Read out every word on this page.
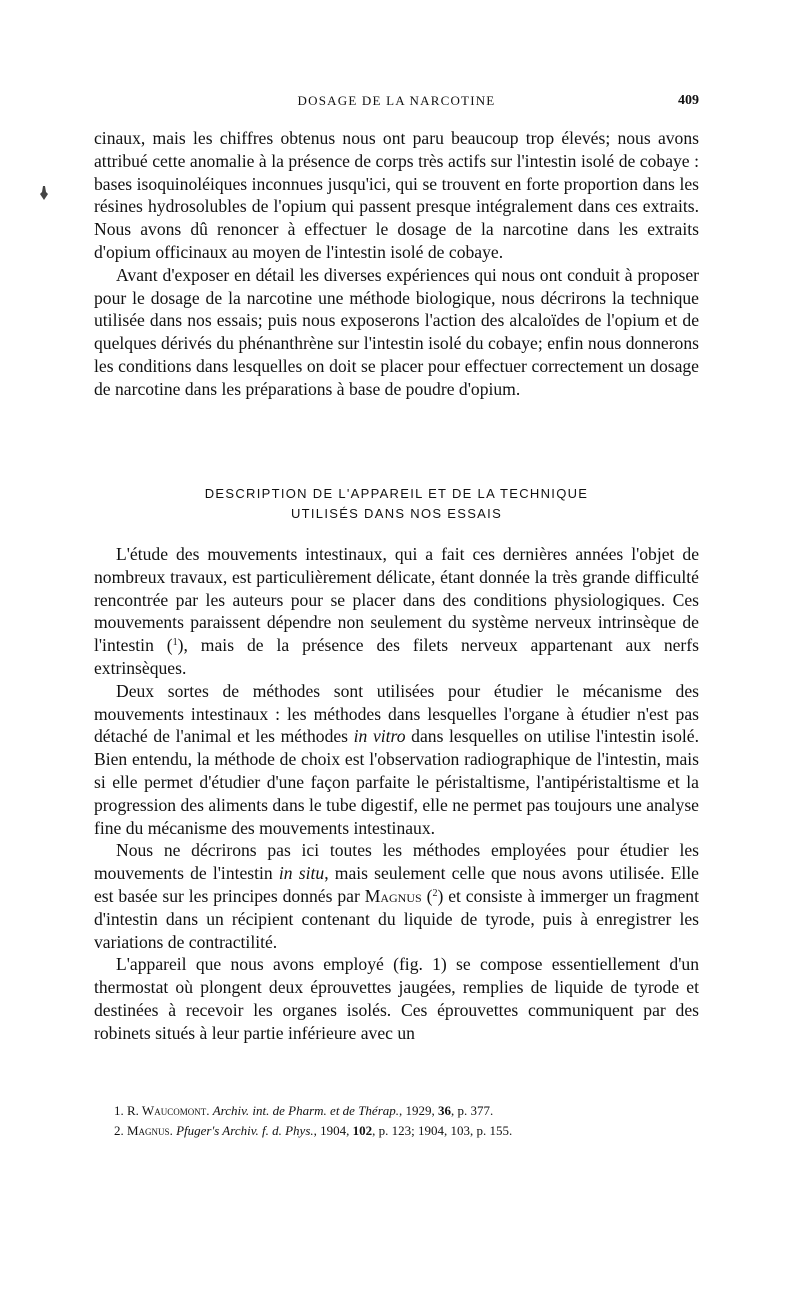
DOSAGE DE LA NARCOTINE	409

cinaux, mais les chiffres obtenus nous ont paru beaucoup trop élevés; nous avons attribué cette anomalie à la présence de corps très actifs sur l'intestin isolé de cobaye : bases isoquinoléiques inconnues jusqu'ici, qui se trouvent en forte proportion dans les résines hydrosolubles de l'opium qui passent presque intégralement dans ces extraits. Nous avons dû renoncer à effectuer le dosage de la narcotine dans les extraits d'opium officinaux au moyen de l'intestin isolé de cobaye.

Avant d'exposer en détail les diverses expériences qui nous ont conduit à proposer pour le dosage de la narcotine une méthode biologique, nous décrirons la technique utilisée dans nos essais; puis nous exposerons l'action des alcaloïdes de l'opium et de quelques dérivés du phénanthrène sur l'intestin isolé du cobaye; enfin nous donnerons les conditions dans lesquelles on doit se placer pour effectuer correctement un dosage de narcotine dans les préparations à base de poudre d'opium.

DESCRIPTION DE L'APPAREIL ET DE LA TECHNIQUE
UTILISÉS DANS NOS ESSAIS

L'étude des mouvements intestinaux, qui a fait ces dernières années l'objet de nombreux travaux, est particulièrement délicate, étant donnée la très grande difficulté rencontrée par les auteurs pour se placer dans des conditions physiologiques. Ces mouvements paraissent dépendre non seulement du système nerveux intrinsèque de l'intestin ($^1$), mais de la présence des filets nerveux appartenant aux nerfs extrinsèques.

Deux sortes de méthodes sont utilisées pour étudier le mécanisme des mouvements intestinaux : les méthodes dans lesquelles l'organe à étudier n'est pas détaché de l'animal et les méthodes in vitro dans lesquelles on utilise l'intestin isolé. Bien entendu, la méthode de choix est l'observation radiographique de l'intestin, mais si elle permet d'étudier d'une façon parfaite le péristaltisme, l'antipéristaltisme et la progression des aliments dans le tube digestif, elle ne permet pas toujours une analyse fine du mécanisme des mouvements intestinaux.

Nous ne décrirons pas ici toutes les méthodes employées pour étudier les mouvements de l'intestin in situ, mais seulement celle que nous avons utilisée. Elle est basée sur les principes donnés par Magnus ($^2$) et consiste à immerger un fragment d'intestin dans un récipient contenant du liquide de tyrode, puis à enregistrer les variations de contractilité.

L'appareil que nous avons employé (fig. 1) se compose essentiellement d'un thermostat où plongent deux éprouvettes jaugées, remplies de liquide de tyrode et destinées à recevoir les organes isolés. Ces éprouvettes communiquent par des robinets situés à leur partie inférieure avec un

1. R. Waucomont. Archiv. int. de Pharm. et de Thérap., 1929, 36, p. 377.

2. Magnus. Pfuger's Archiv. f. d. Phys., 1904, 102, p. 123; 1904, 103, p. 155.
